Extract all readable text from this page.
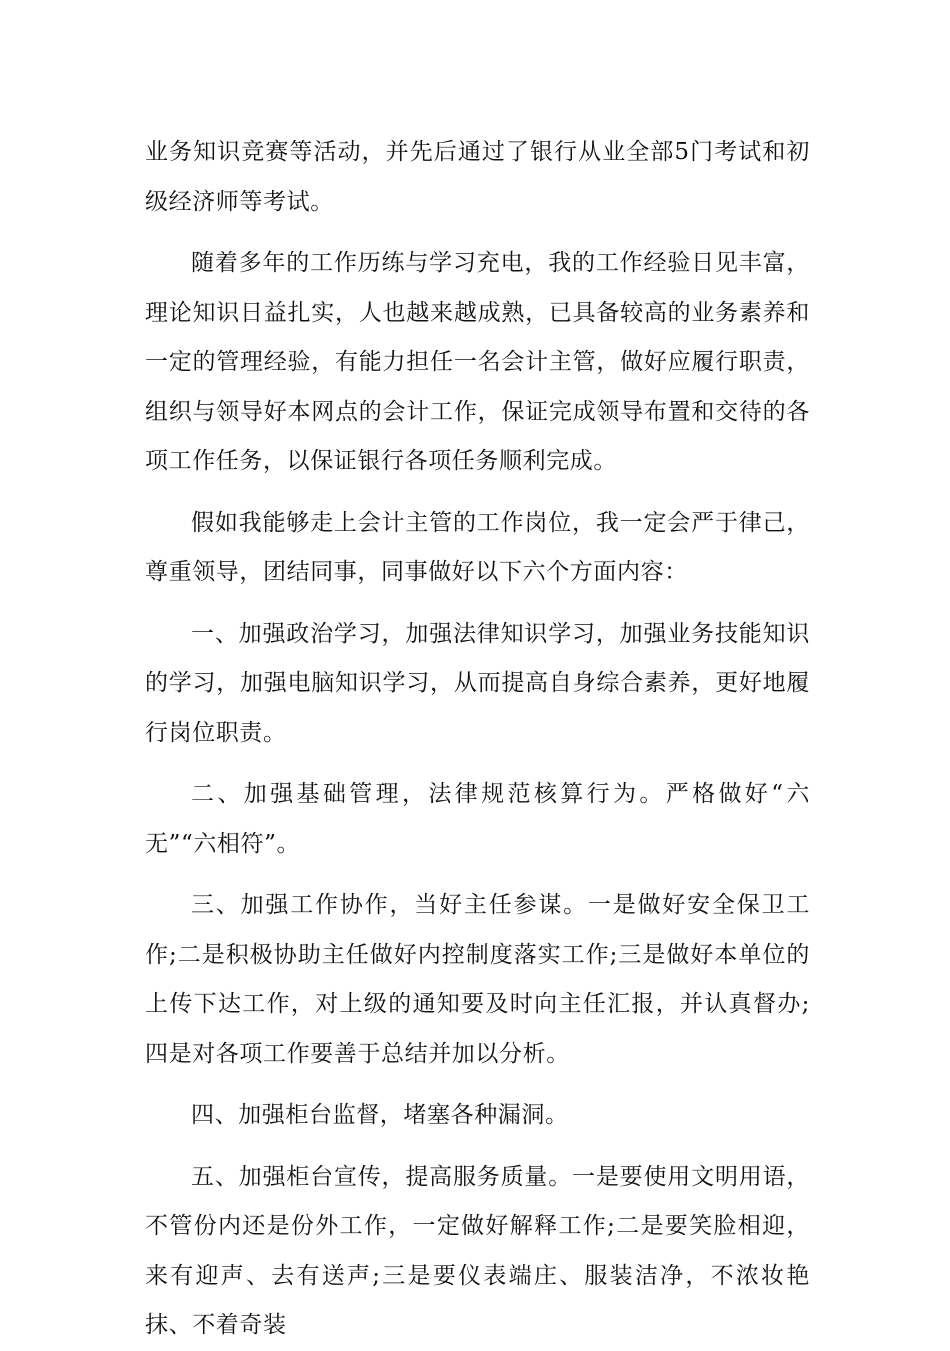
业务知识竞赛等活动，并先后通过了银行从业全部5门考试和初级经济师等考试。

随着多年的工作历练与学习充电，我的工作经验日见丰富，理论知识日益扎实，人也越来越成熟，已具备较高的业务素养和一定的管理经验，有能力担任一名会计主管，做好应履行职责，组织与领导好本网点的会计工作，保证完成领导布置和交待的各项工作任务，以保证银行各项任务顺利完成。

假如我能够走上会计主管的工作岗位，我一定会严于律己，尊重领导，团结同事，同事做好以下六个方面内容：

一、加强政治学习，加强法律知识学习，加强业务技能知识的学习，加强电脑知识学习，从而提高自身综合素养，更好地履行岗位职责。

二、加强基础管理，法律规范核算行为。严格做好“六无”“六相符”。

三、加强工作协作，当好主任参谋。一是做好安全保卫工作;二是积极协助主任做好内控制度落实工作;三是做好本单位的上传下达工作，对上级的通知要及时向主任汇报，并认真督办;四是对各项工作要善于总结并加以分析。

四、加强柜台监督，堵塞各种漏洞。

五、加强柜台宣传，提高服务质量。一是要使用文明用语，不管份内还是份外工作，一定做好解释工作;二是要笑脸相迎，来有迎声、去有送声;三是要仪表端庄、服装洁净，不浓妆艳抹、不着奇装
